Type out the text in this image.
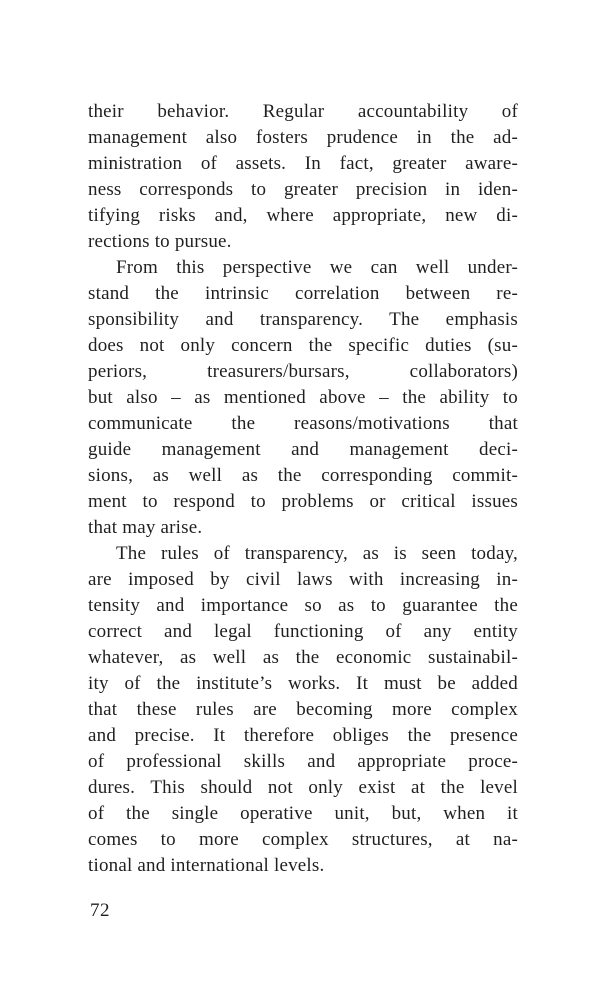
their behavior. Regular accountability of
management also fosters prudence in the ad-
ministration of assets. In fact, greater aware-
ness corresponds to greater precision in iden-
tifying risks and, where appropriate, new di-
rections to pursue.
From this perspective we can well under-
stand the intrinsic correlation between re-
sponsibility and transparency. The emphasis
does not only concern the specific duties (su-
periors, treasurers/bursars, collaborators)
but also – as mentioned above – the ability to
communicate the reasons/motivations that
guide management and management deci-
sions, as well as the corresponding commit-
ment to respond to problems or critical issues
that may arise.
The rules of transparency, as is seen today,
are imposed by civil laws with increasing in-
tensity and importance so as to guarantee the
correct and legal functioning of any entity
whatever, as well as the economic sustainabil-
ity of the institute’s works. It must be added
that these rules are becoming more complex
and precise. It therefore obliges the presence
of professional skills and appropriate proce-
dures. This should not only exist at the level
of the single operative unit, but, when it
comes to more complex structures, at na-
tional and international levels.
72
